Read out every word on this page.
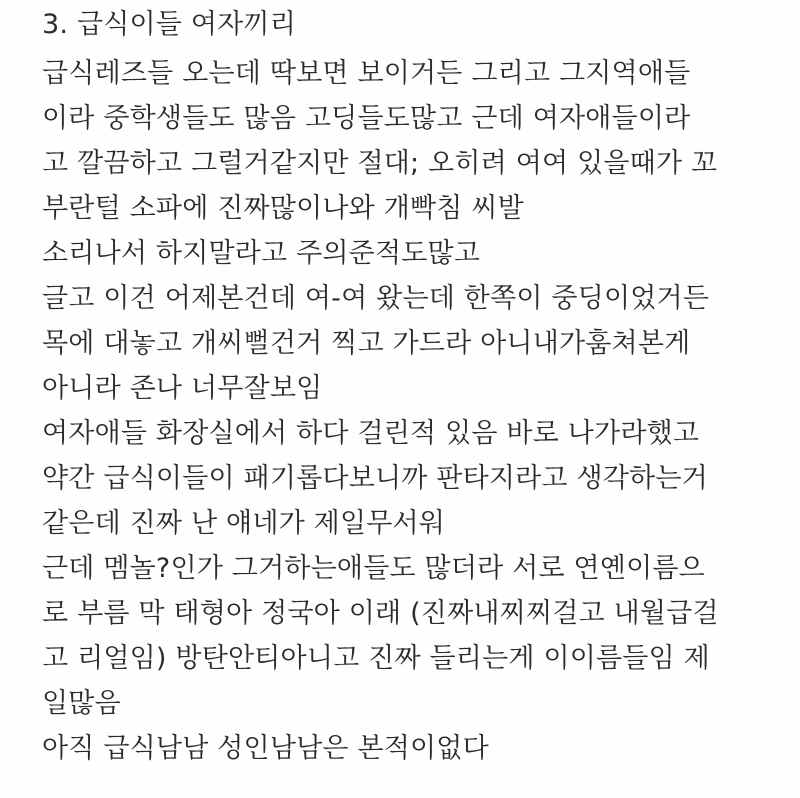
3. 급식이들 여자끼리
급식레즈들 오는데 딱보면 보이거든 그리고 그지역애들
이라 중학생들도 많음 고딩들도많고 근데 여자애들이라
고 깔끔하고 그럴거같지만 절대; 오히려 여여 있을때가 꼬
부란털 소파에 진짜많이나와 개빡침 씨발
소리나서 하지말라고 주의준적도많고
글고 이건 어제본건데 여-여 왔는데 한쪽이 중딩이었거든
목에 대놓고 개씨뻘건거 찍고 가드라 아니내가훔쳐본게
아니라 존나 너무잘보임
여자애들 화장실에서 하다 걸린적 있음 바로 나가라했고
약간 급식이들이 패기롭다보니까 판타지라고 생각하는거
같은데 진짜 난 얘네가 제일무서워
근데 멤놀?인가 그거하는애들도 많더라 서로 연옌이름으
로 부름 막 태형아 정국아 이래 (진짜내찌찌걸고 내월급걸
고 리얼임) 방탄안티아니고 진짜 들리는게 이이름들임 제
일많음
아직 급식남남 성인남남은 본적이없다
